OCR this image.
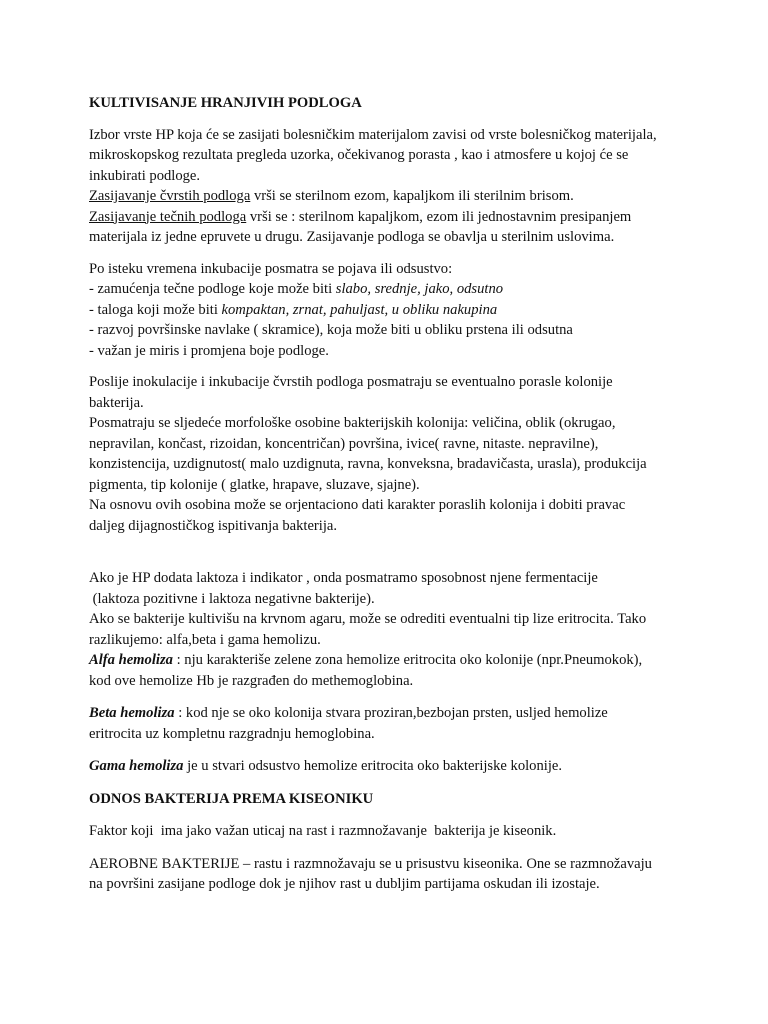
KULTIVISANJE HRANJIVIH PODLOGA

Izbor vrste HP koja će se zasijati bolesničkim materijalom zavisi od vrste bolesničkog materijala,

mikroskopskog rezultata pregleda uzorka, očekivanog porasta , kao i atmosfere u kojoj će se

inkubirati podloge.

Zasijavanje čvrstih podloga vrši se sterilnom ezom, kapaljkom ili sterilnim brisom.

Zasijavanje tečnih podloga vrši se : sterilnom kapaljkom, ezom ili jednostavnim presipanjem

materijala iz jedne epruvete u drugu. Zasijavanje podloga se obavlja u sterilnim uslovima.

Po isteku vremena inkubacije posmatra se pojava ili odsustvo:

- zamućenja tečne podloge koje može biti slabo, srednje, jako, odsutno

- taloga koji može biti kompaktan, zrnat, pahuljast, u obliku nakupina

- razvoj površinske navlake ( skramice), koja može biti u obliku prstena ili odsutna

- važan je miris i promjena boje podloge.

Poslije inokulacije i inkubacije čvrstih podloga posmatraju se eventualno porasle kolonije

bakterija.

Posmatraju se sljedeće morfološke osobine bakterijskih kolonija: veličina, oblik (okrugao,

nepravilan, končast, rizoidan, koncentričan) površina, ivice( ravne, nitaste. nepravilne),

konzistencija, uzdignutost( malo uzdignuta, ravna, konveksna, bradavičasta, urasla), produkcija

pigmenta, tip kolonije ( glatke, hrapave, sluzave, sjajne).

Na osnovu ovih osobina može se orjentaciono dati karakter poraslih kolonija i dobiti pravac

daljeg dijagnostičkog ispitivanja bakterija.

Ako je HP dodata laktoza i indikator , onda posmatramo sposobnost njene fermentacije

(laktoza pozitivne i laktoza negativne bakterije).

Ako se bakterije kultivišu na krvnom agaru, može se odrediti eventualni tip lize eritrocita. Tako

razlikujemo: alfa,beta i gama hemolizu.

Alfa hemoliza : nju karakteriše zelene zona hemolize eritrocita oko kolonije (npr.Pneumokok),

kod ove hemolize Hb je razgrađen do methemoglobina.

Beta hemoliza : kod nje se oko kolonija stvara proziran,bezbojan prsten, usljed hemolize

eritrocita uz kompletnu razgradnju hemoglobina.

Gama hemoliza je u stvari odsustvo hemolize eritrocita oko bakterijske kolonije.

ODNOS BAKTERIJA PREMA KISEONIKU

Faktor koji  ima jako važan uticaj na rast i razmnožavanje  bakterija je kiseonik.

AEROBNE BAKTERIJE – rastu i razmnožavaju se u prisustvu kiseonika. One se razmnožavaju

na površini zasijane podloge dok je njihov rast u dubljim partijama oskudan ili izostaje.
